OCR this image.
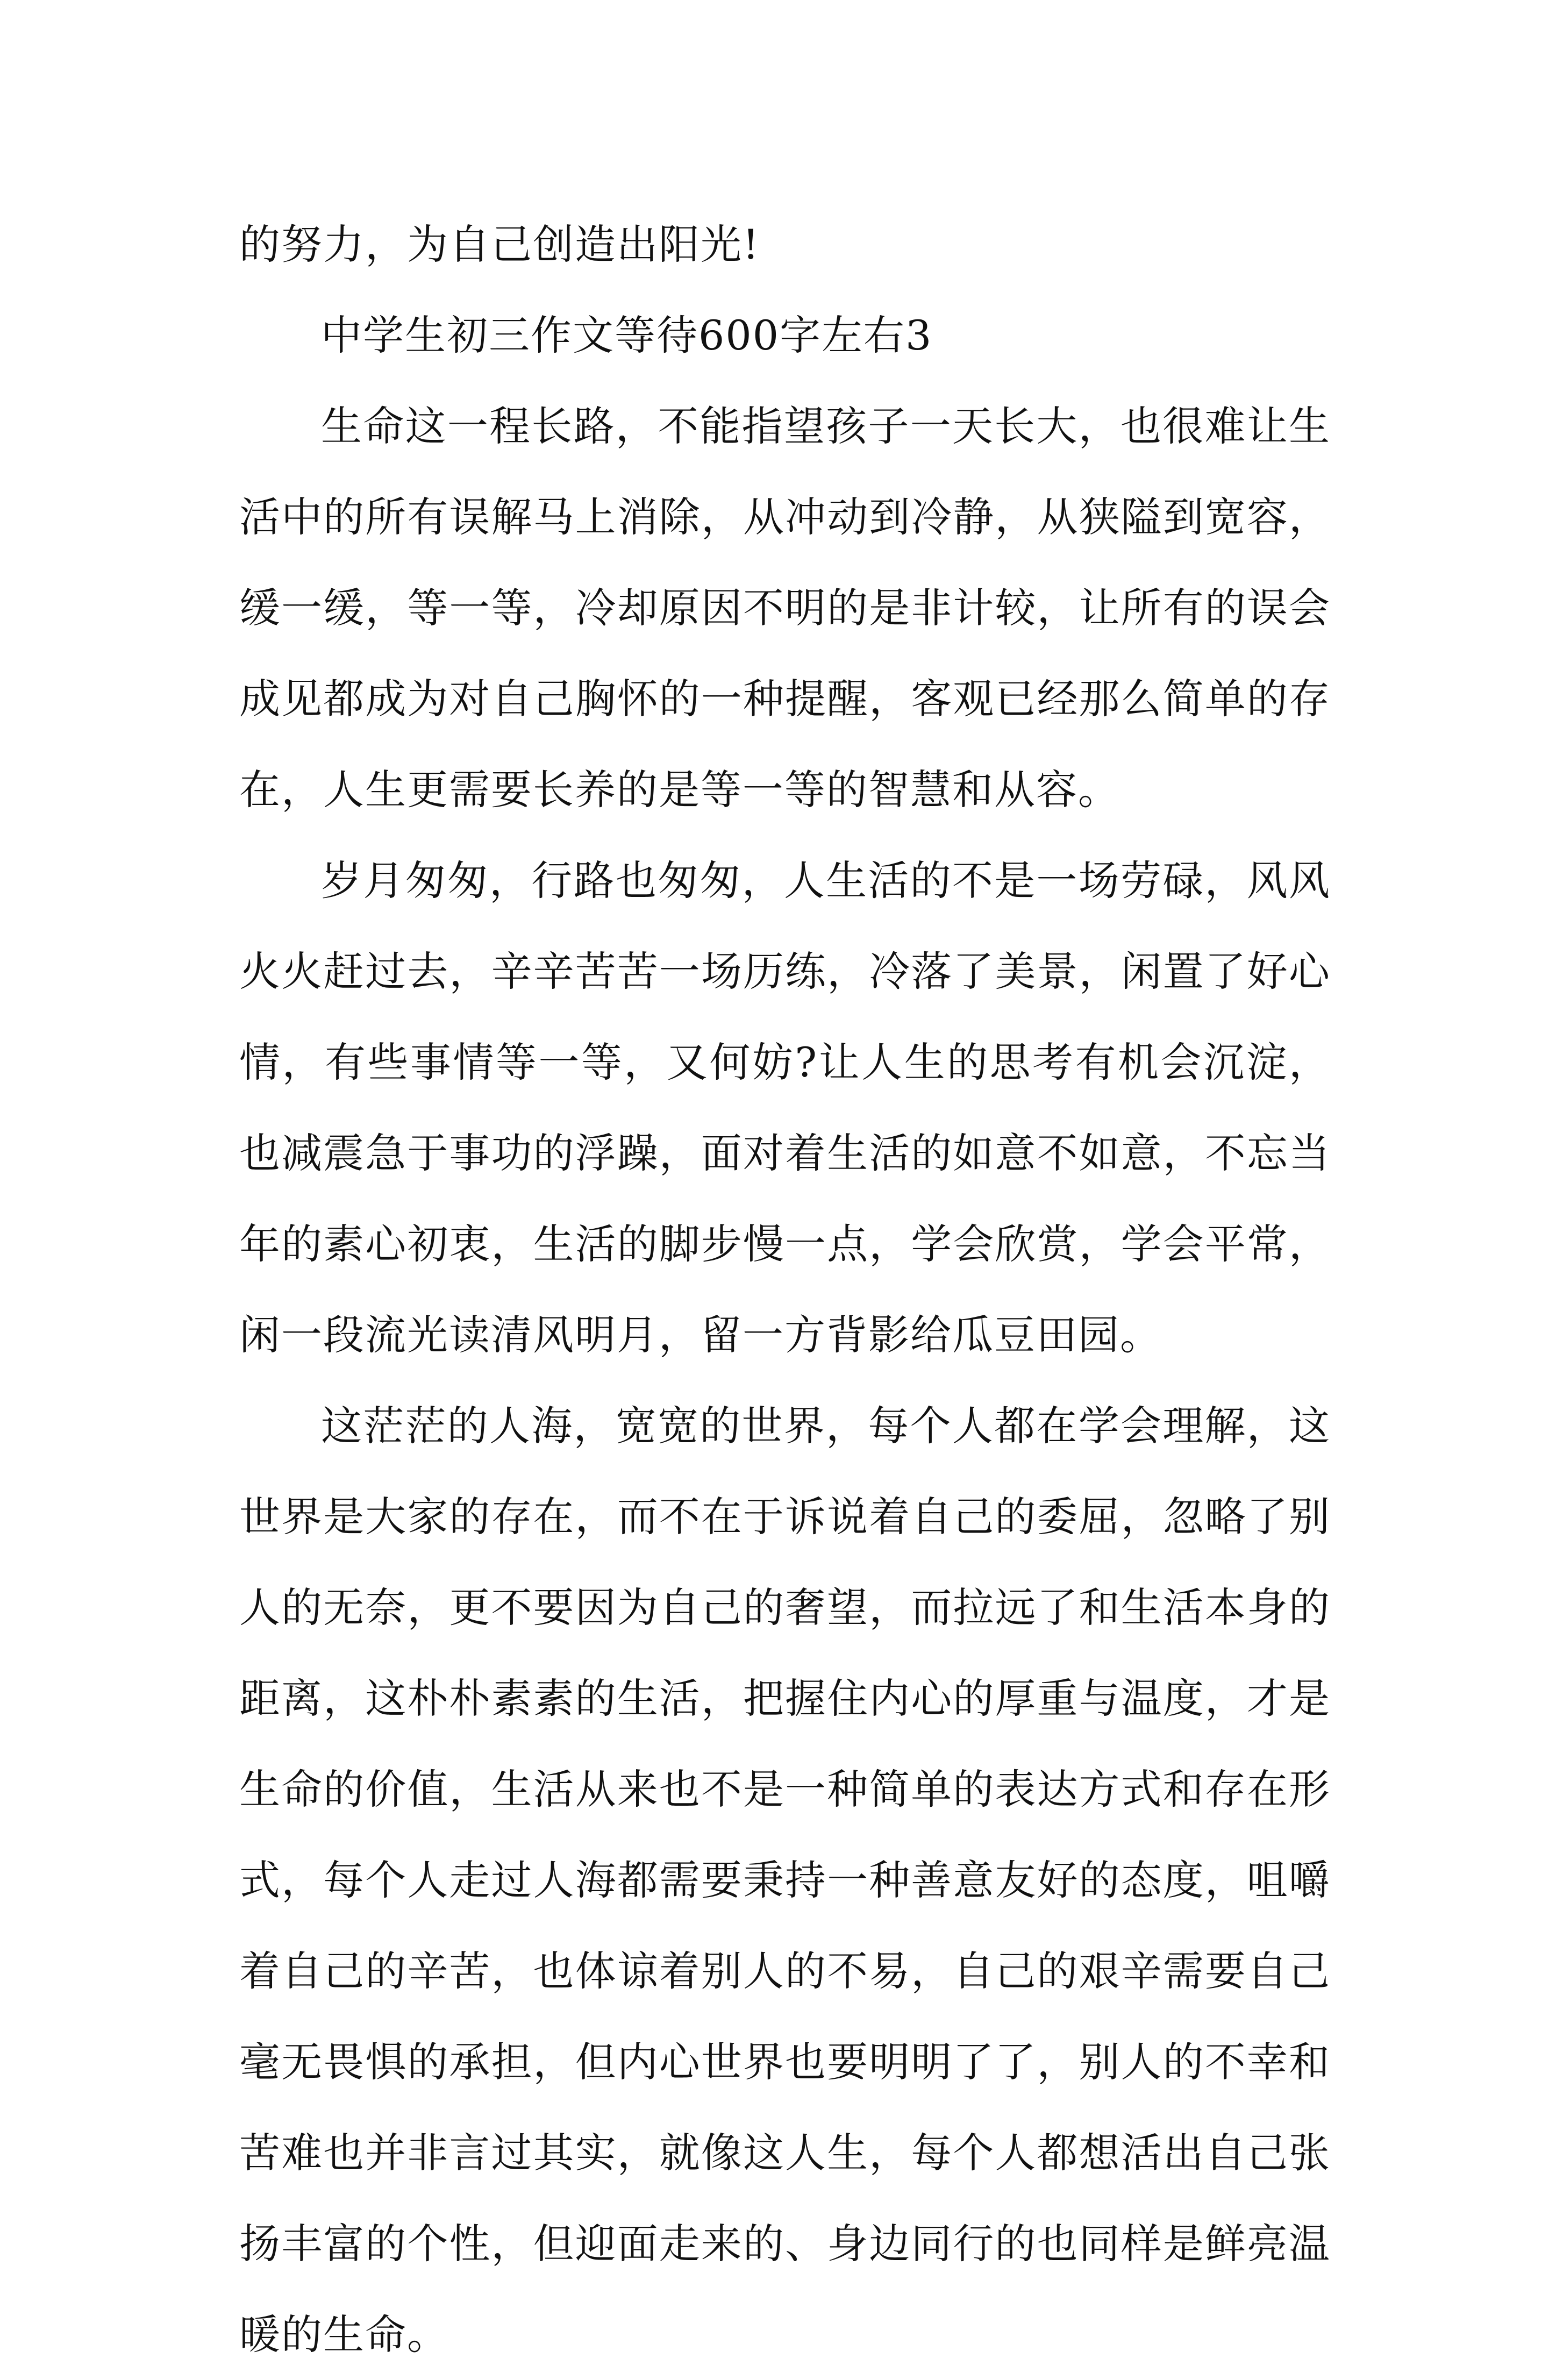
的努力，为自己创造出阳光!

中学生初三作文等待600字左右3

生命这一程长路，不能指望孩子一天长大，也很难让生活中的所有误解马上消除，从冲动到冷静，从狭隘到宽容，缓一缓，等一等，冷却原因不明的是非计较，让所有的误会成见都成为对自己胸怀的一种提醒，客观已经那么简单的存在，人生更需要长养的是等一等的智慧和从容。

岁月匆匆，行路也匆匆，人生活的不是一场劳碌，风风火火赶过去，辛辛苦苦一场历练，冷落了美景，闲置了好心情，有些事情等一等，又何妨?让人生的思考有机会沉淀，也减震急于事功的浮躁，面对着生活的如意不如意，不忘当年的素心初衷，生活的脚步慢一点，学会欣赏，学会平常，闲一段流光读清风明月，留一方背影给瓜豆田园。

这茫茫的人海，宽宽的世界，每个人都在学会理解，这世界是大家的存在，而不在于诉说着自己的委屈，忽略了别人的无奈，更不要因为自己的奢望，而拉远了和生活本身的距离，这朴朴素素的生活，把握住内心的厚重与温度，才是生命的价值，生活从来也不是一种简单的表达方式和存在形式，每个人走过人海都需要秉持一种善意友好的态度，咀嚼着自己的辛苦，也体谅着别人的不易，自己的艰辛需要自己毫无畏惧的承担，但内心世界也要明明了了，别人的不幸和苦难也并非言过其实，就像这人生，每个人都想活出自己张扬丰富的个性，但迎面走来的、身边同行的也同样是鲜亮温暖的生命。
